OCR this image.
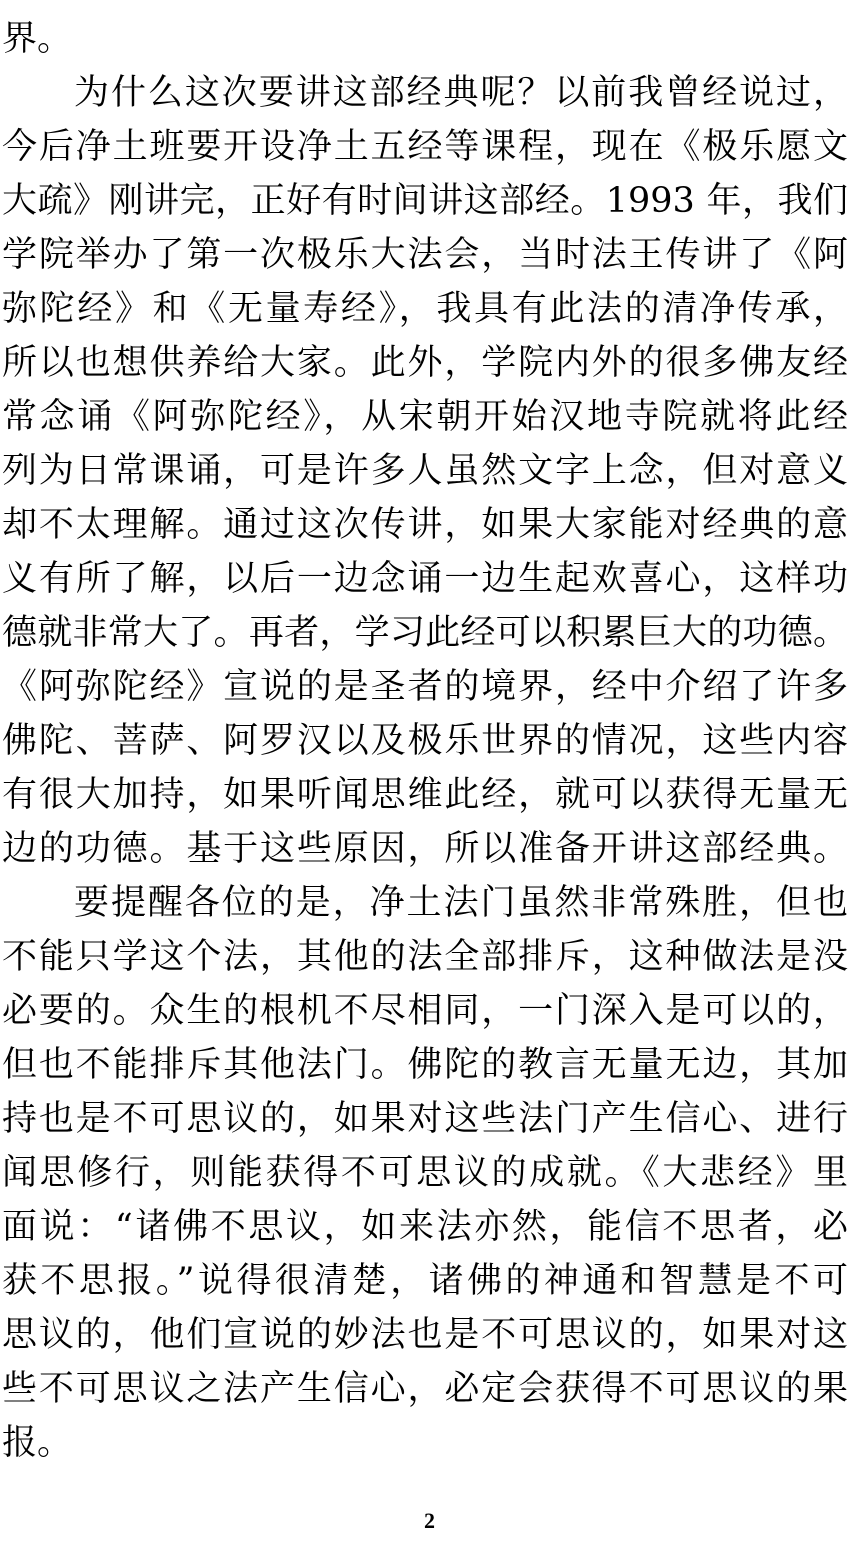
界。
为什么这次要讲这部经典呢？以前我曾经说过，
今后净土班要开设净土五经等课程，现在《极乐愿文
大疏》刚讲完，正好有时间讲这部经。1993 年，我们
学院举办了第一次极乐大法会，当时法王传讲了《阿
弥陀经》和《无量寿经》，我具有此法的清净传承，
所以也想供养给大家。此外，学院内外的很多佛友经
常念诵《阿弥陀经》，从宋朝开始汉地寺院就将此经
列为日常课诵，可是许多人虽然文字上念，但对意义
却不太理解。通过这次传讲，如果大家能对经典的意
义有所了解，以后一边念诵一边生起欢喜心，这样功
德就非常大了。再者，学习此经可以积累巨大的功德。
《阿弥陀经》宣说的是圣者的境界，经中介绍了许多
佛陀、菩萨、阿罗汉以及极乐世界的情况，这些内容
有很大加持，如果听闻思维此经，就可以获得无量无
边的功德。基于这些原因，所以准备开讲这部经典。
要提醒各位的是，净土法门虽然非常殊胜，但也
不能只学这个法，其他的法全部排斥，这种做法是没
必要的。众生的根机不尽相同，一门深入是可以的，
但也不能排斥其他法门。佛陀的教言无量无边，其加
持也是不可思议的，如果对这些法门产生信心、进行
闻思修行，则能获得不可思议的成就。《大悲经》里
面说：“诸佛不思议，如来法亦然，能信不思者，必
获不思报。”说得很清楚，诸佛的神通和智慧是不可
思议的，他们宣说的妙法也是不可思议的，如果对这
些不可思议之法产生信心，必定会获得不可思议的果
报。
2
